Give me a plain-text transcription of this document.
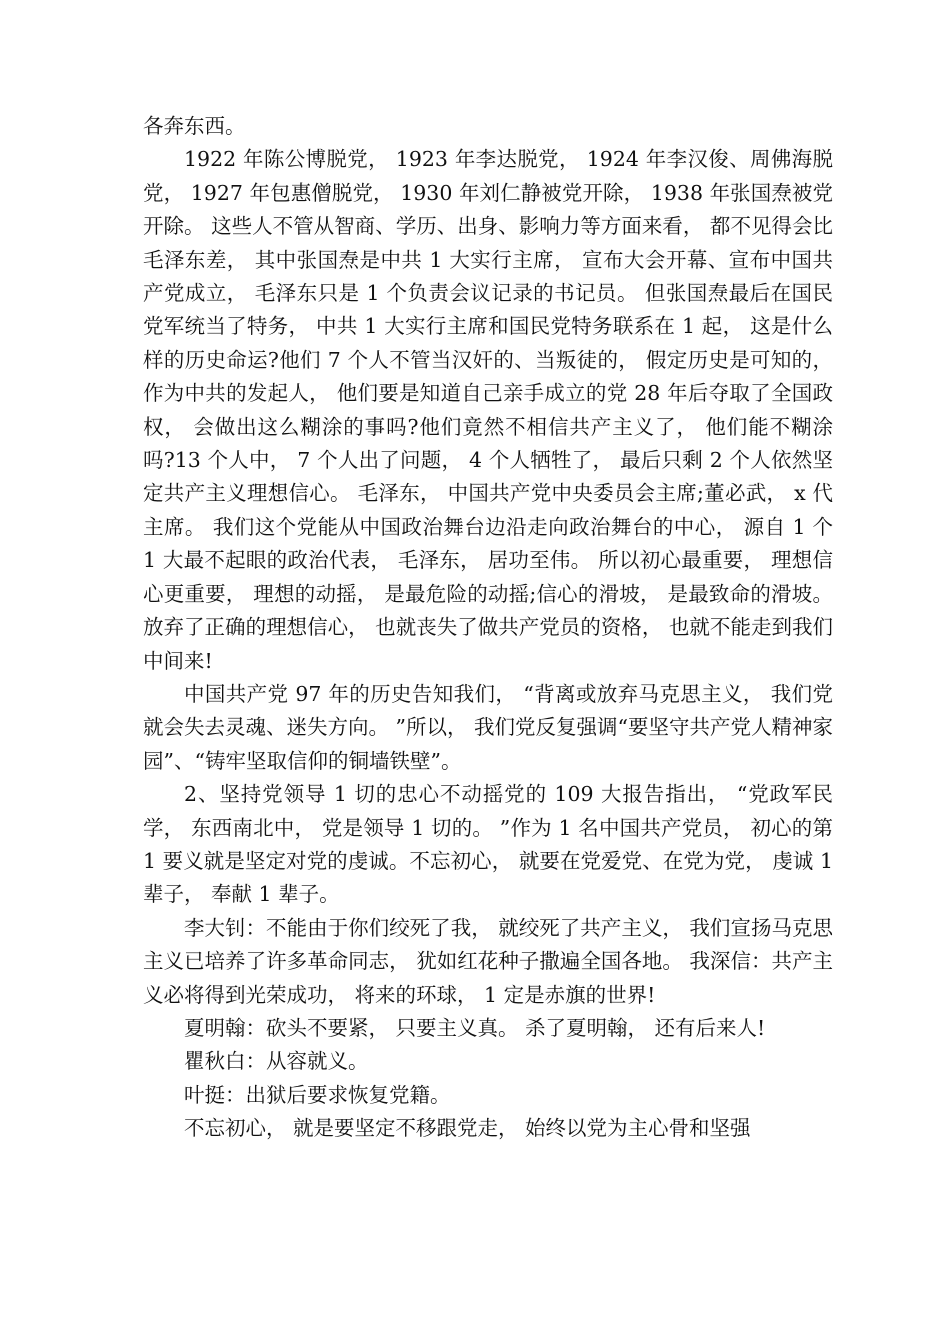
各奔东西。

1922 年陈公博脱党， 1923 年李达脱党， 1924 年李汉俊、周佛海脱党， 1927 年包惠僧脱党， 1930 年刘仁静被党开除， 1938 年张国焘被党开除。 这些人不管从智商、学历、出身、影响力等方面来看， 都不见得会比毛泽东差， 其中张国焘是中共 1 大实行主席， 宣布大会开幕、宣布中国共产党成立， 毛泽东只是 1 个负责会议记录的书记员。 但张国焘最后在国民党军统当了特务， 中共 1 大实行主席和国民党特务联系在 1 起， 这是什么样的历史命运?他们 7 个人不管当汉奸的、当叛徒的， 假定历史是可知的， 作为中共的发起人， 他们要是知道自己亲手成立的党 28 年后夺取了全国政权， 会做出这么糊涂的事吗?他们竟然不相信共产主义了， 他们能不糊涂吗?13 个人中， 7 个人出了问题， 4 个人牺牲了， 最后只剩 2 个人依然坚定共产主义理想信心。 毛泽东， 中国共产党中央委员会主席;董必武， x 代主席。 我们这个党能从中国政治舞台边沿走向政治舞台的中心， 源自 1 个 1 大最不起眼的政治代表， 毛泽东， 居功至伟。 所以初心最重要， 理想信心更重要， 理想的动摇， 是最危险的动摇;信心的滑坡， 是最致命的滑坡。 放弃了正确的理想信心， 也就丧失了做共产党员的资格， 也就不能走到我们中间来!

中国共产党 97 年的历史告知我们， “背离或放弃马克思主义， 我们党就会失去灵魂、迷失方向。 ”所以， 我们党反复强调“要坚守共产党人精神家园”、“铸牢坚取信仰的铜墙铁壁”。

2、坚持党领导 1 切的忠心不动摇党的 109 大报告指出， “党政军民学， 东西南北中， 党是领导 1 切的。 ”作为 1 名中国共产党员， 初心的第 1 要义就是坚定对党的虔诚。不忘初心， 就要在党爱党、在党为党， 虔诚 1 辈子， 奉献 1 辈子。

李大钊：不能由于你们绞死了我， 就绞死了共产主义， 我们宣扬马克思主义已培养了许多革命同志， 犹如红花种子撒遍全国各地。 我深信：共产主义必将得到光荣成功， 将来的环球， 1 定是赤旗的世界!

夏明翰：砍头不要紧， 只要主义真。 杀了夏明翰， 还有后来人!

瞿秋白：从容就义。

叶挺：出狱后要求恢复党籍。

不忘初心， 就是要坚定不移跟党走， 始终以党为主心骨和坚强
